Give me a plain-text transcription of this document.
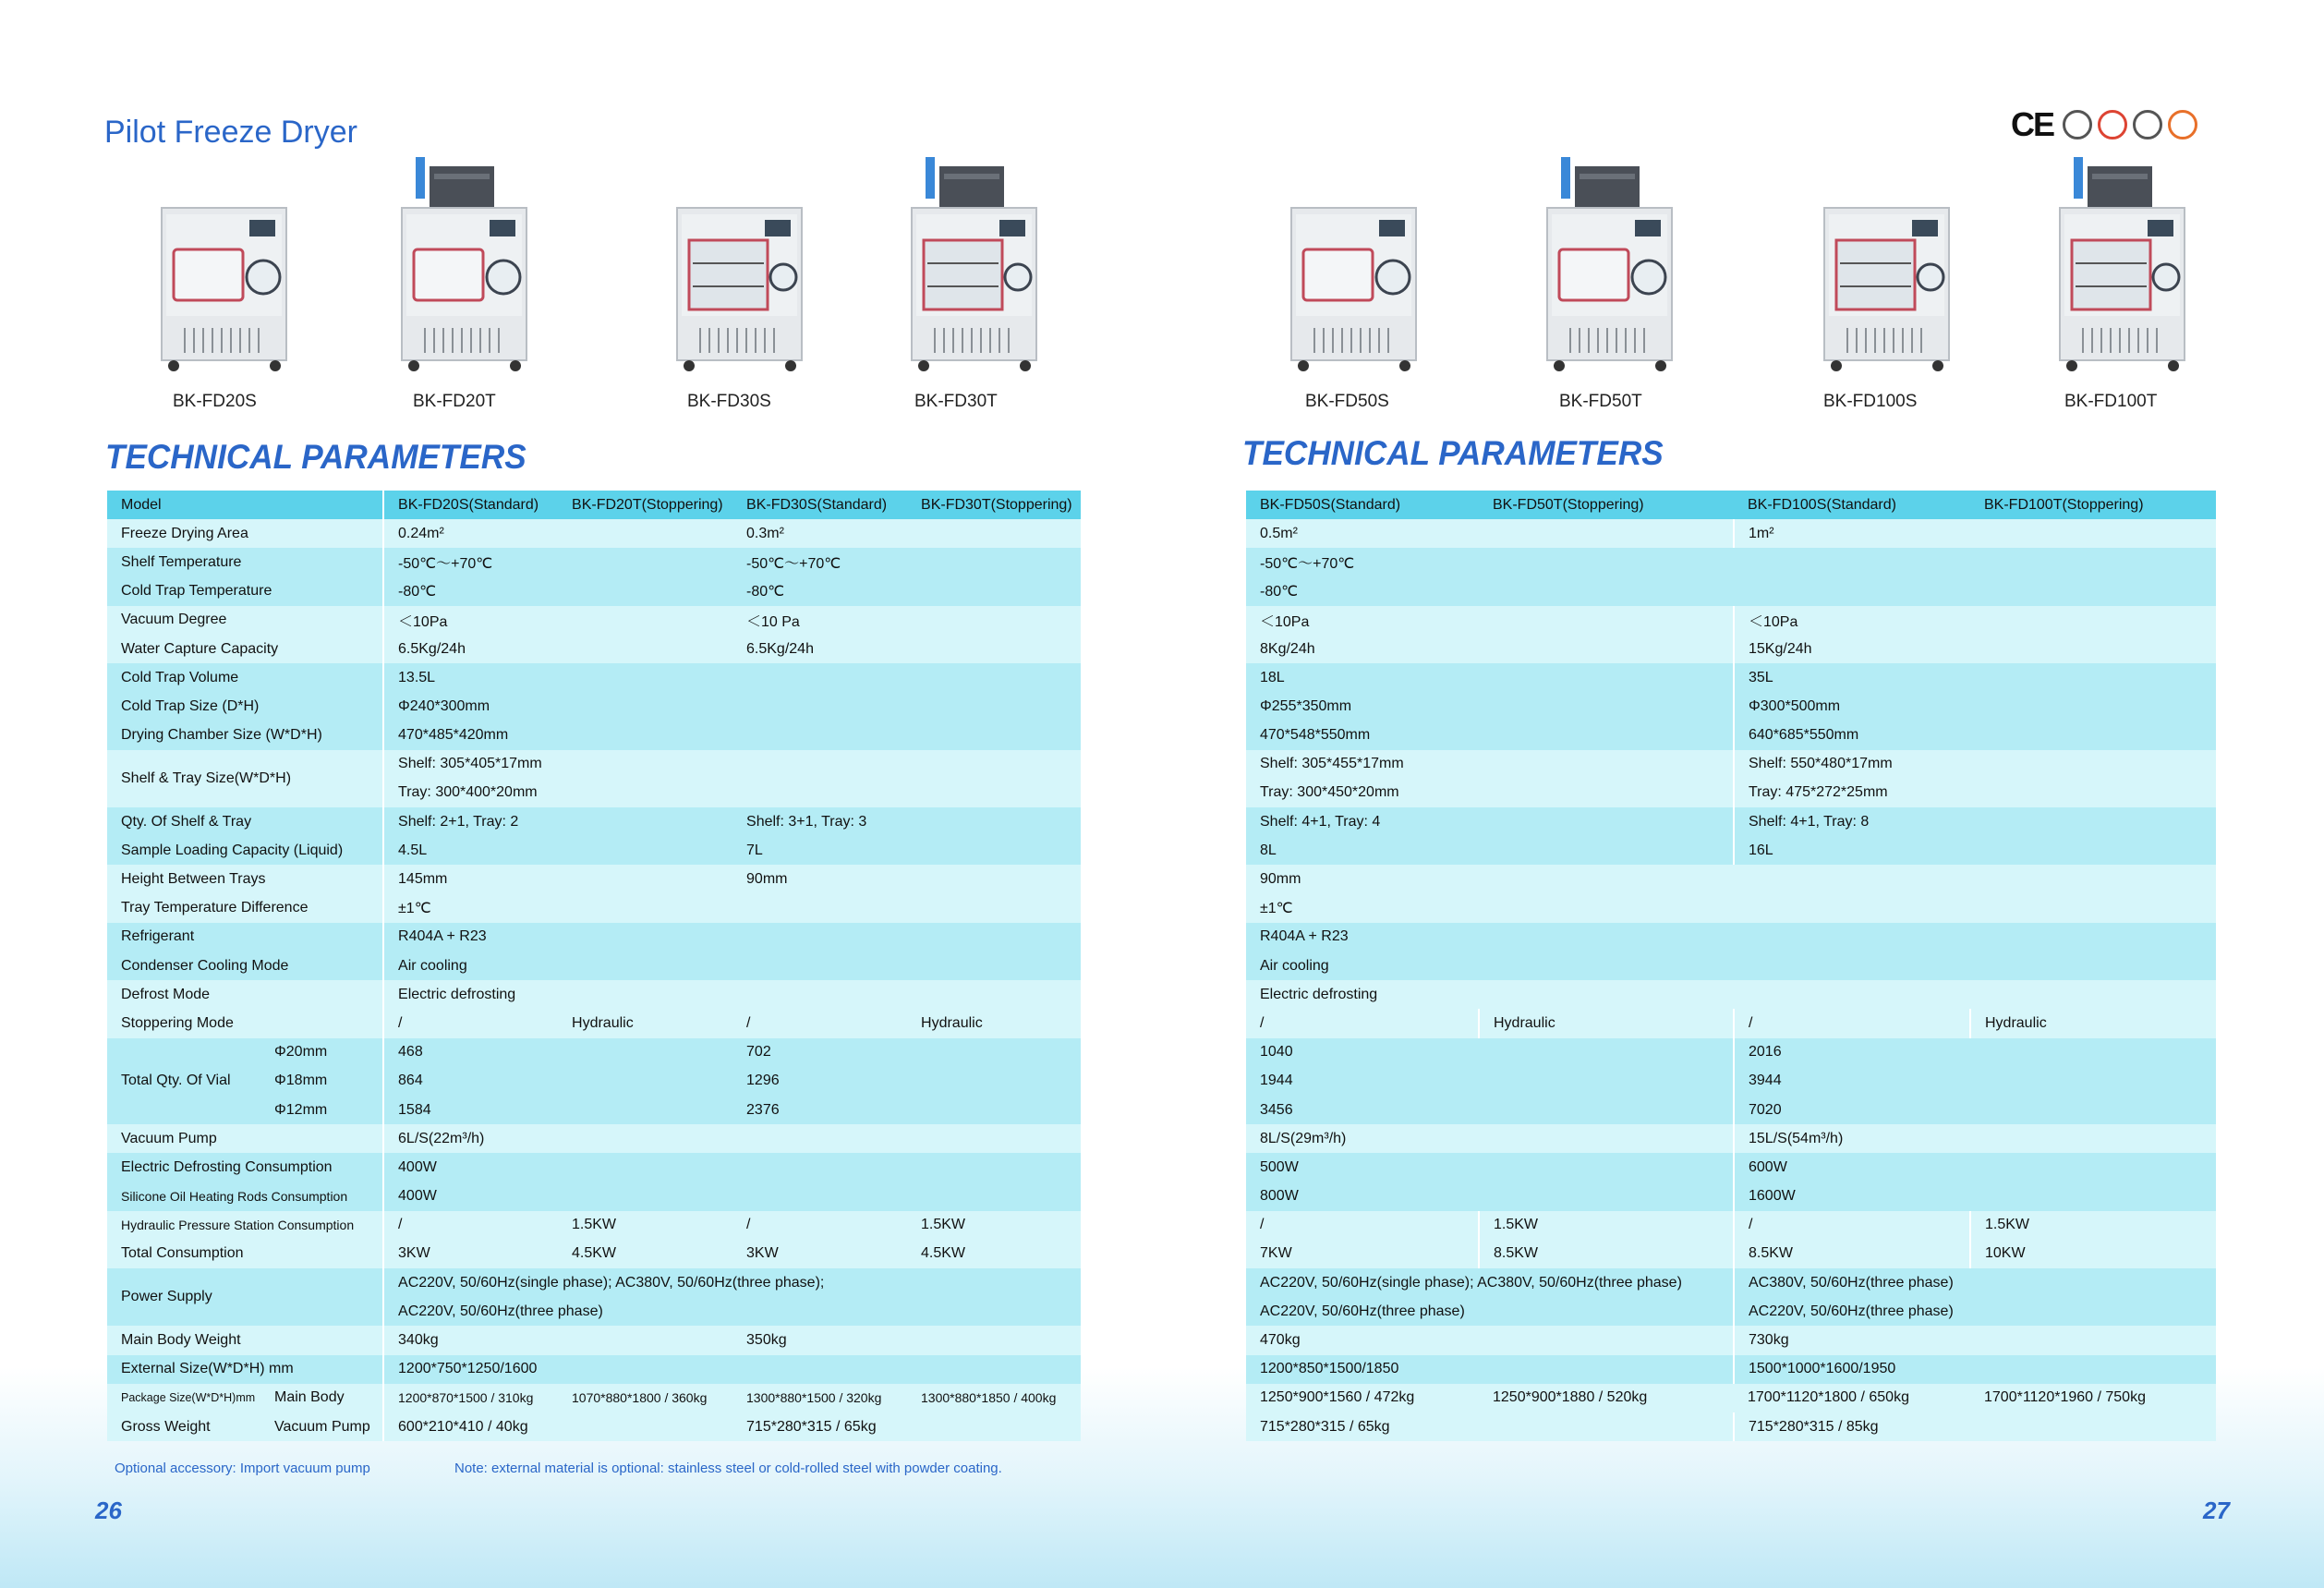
Pilot Freeze Dryer
TECHNICAL PARAMETERS	TECHNICAL PARAMETERS
CE
BK-FD20S	BK-FD20T	BK-FD30S	BK-FD30T	BK-FD50S	BK-FD50T	BK-FD100S	BK-FD100T
Model		BK-FD20S(Standard)	BK-FD20T(Stoppering)	BK-FD30S(Standard)	BK-FD30T(Stoppering)
Freeze Drying Area		0.24m²		0.3m²	
Shelf Temperature		-50℃～+70℃		-50℃～+70℃	
Cold Trap Temperature		-80℃		-80℃	
Vacuum Degree		＜10Pa		＜10 Pa	
Water Capture Capacity		6.5Kg/24h		6.5Kg/24h	
Cold Trap Volume		13.5L			
Cold Trap Size (D*H)		Φ240*300mm			
Drying Chamber Size (W*D*H)		470*485*420mm			
Shelf & Tray Size(W*D*H)		Shelf: 305*405*17mm			
		Tray: 300*400*20mm			
Qty. Of Shelf & Tray		Shelf: 2+1, Tray: 2		Shelf: 3+1, Tray: 3	
Sample Loading Capacity (Liquid)		4.5L		7L	
Height Between Trays		145mm		90mm	
Tray Temperature Difference		±1℃			
Refrigerant		R404A + R23			
Condenser Cooling Mode		Air cooling			
Defrost Mode		Electric defrosting			
Stoppering Mode		/	Hydraulic	/	Hydraulic
Total Qty. Of Vial	Φ20mm	468		702	
	Φ18mm	864		1296	
	Φ12mm	1584		2376	
Vacuum Pump		6L/S(22m³/h)			
Electric Defrosting Consumption		400W			
Silicone Oil Heating Rods Consumption		400W			
Hydraulic Pressure Station Consumption		/	1.5KW	/	1.5KW
Total Consumption		3KW	4.5KW	3KW	4.5KW
Power Supply		AC220V, 50/60Hz(single phase); AC380V, 50/60Hz(three phase);			
		AC220V, 50/60Hz(three phase)			
Main Body Weight		340kg		350kg	
External Size(W*D*H) mm		1200*750*1250/1600			
Package Size(W*D*H)mm	Main Body	1200*870*1500 / 310kg	1070*880*1800 / 360kg	1300*880*1500 / 320kg	1300*880*1850 / 400kg
Gross Weight	Vacuum Pump	600*210*410 / 40kg		715*280*315 / 65kg	
BK-FD50S(Standard)	BK-FD50T(Stoppering)	BK-FD100S(Standard)	BK-FD100T(Stoppering)
0.5m²		1m²	
-50℃～+70℃			
-80℃			
＜10Pa		＜10Pa	
8Kg/24h		15Kg/24h	
18L		35L	
Φ255*350mm		Φ300*500mm	
470*548*550mm		640*685*550mm	
Shelf: 305*455*17mm		Shelf: 550*480*17mm	
Tray: 300*450*20mm		Tray: 475*272*25mm	
Shelf: 4+1, Tray: 4		Shelf: 4+1, Tray: 8	
8L		16L	
90mm			
±1℃			
R404A + R23			
Air cooling			
Electric defrosting			
/	Hydraulic	/	Hydraulic
1040		2016	
1944		3944	
3456		7020	
8L/S(29m³/h)		15L/S(54m³/h)	
500W		600W	
800W		1600W	
/	1.5KW	/	1.5KW
7KW	8.5KW	8.5KW	10KW
AC220V, 50/60Hz(single phase); AC380V, 50/60Hz(three phase)		AC380V, 50/60Hz(three phase)	
AC220V, 50/60Hz(three phase)		AC220V, 50/60Hz(three phase)	
470kg		730kg	
1200*850*1500/1850		1500*1000*1600/1950	
1250*900*1560 / 472kg	1250*900*1880 / 520kg	1700*1120*1800 / 650kg	1700*1120*1960 / 750kg
715*280*315 / 65kg		715*280*315 / 85kg	
Optional accessory: Import vacuum pump	Note: external material is optional: stainless steel or cold-rolled steel with powder coating.
26	27
